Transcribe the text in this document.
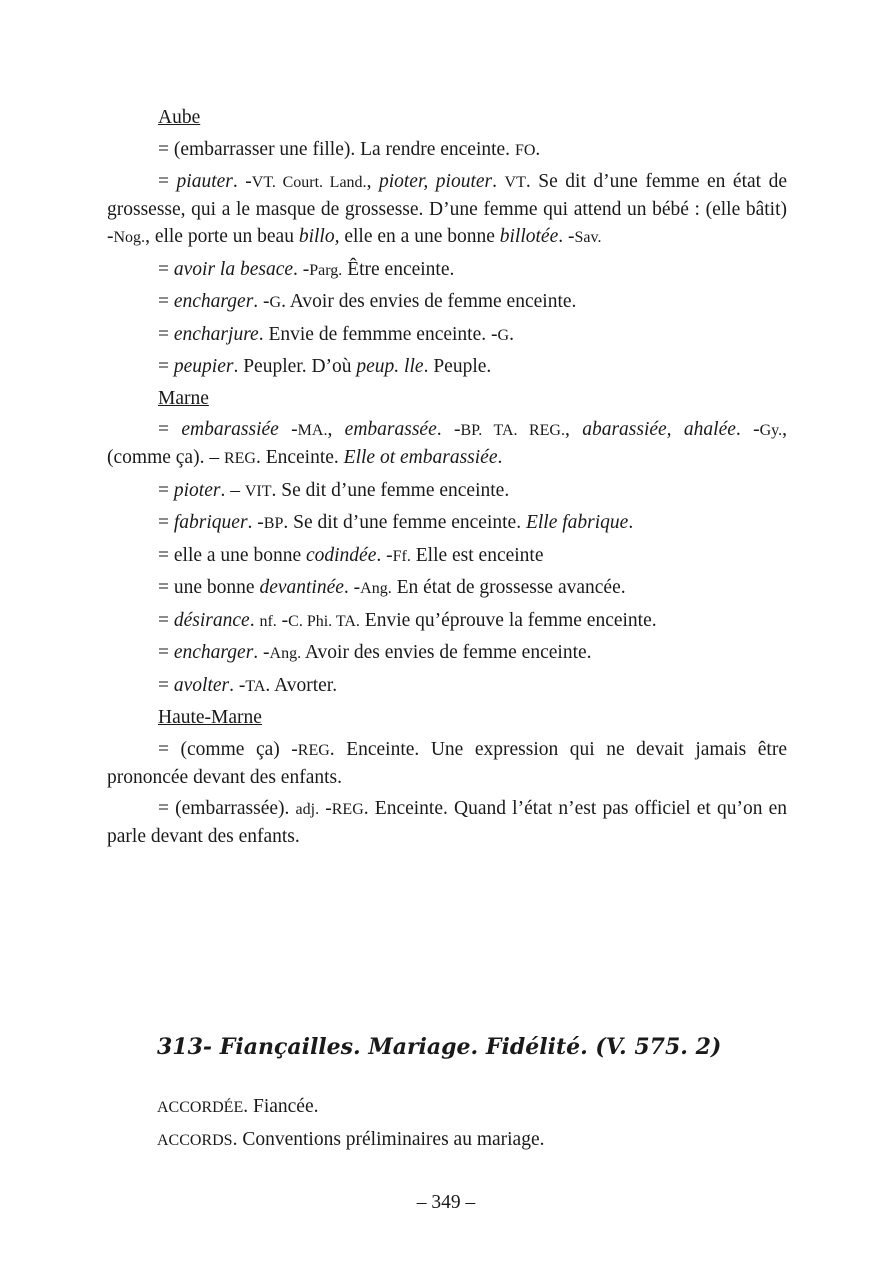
Aube

= (embarrasser une fille). La rendre enceinte. FO.

= piauter. -VT. Court. Land., pioter, piouter. VT. Se dit d’une femme en état de grossesse, qui a le masque de grossesse. D’une femme qui attend un bébé : (elle bâtit) -Nog., elle porte un beau billo, elle en a une bonne billotée. -Sav.

= avoir la besace. -Parg. Être enceinte.

= encharger. -G. Avoir des envies de femme enceinte.

= encharjure. Envie de femmme enceinte. -G.

= peupier. Peupler. D’où peup. lle. Peuple.

Marne

= embarassiée -MA., embarassée. -BP. TA. REG., abarassiée, ahalée. -Gy., (comme ça). – REG. Enceinte. Elle ot embarassiée.

= pioter. – VIT. Se dit d’une femme enceinte.

= fabriquer. -BP. Se dit d’une femme enceinte. Elle fabrique.

= elle a une bonne codindée. -Ff. Elle est enceinte

= une bonne devantinée. -Ang. En état de grossesse avancée.

= désirance. nf. -C. Phi. TA. Envie qu’éprouve la femme enceinte.

= encharger. -Ang. Avoir des envies de femme enceinte.

= avolter. -TA. Avorter.

Haute-Marne

= (comme ça) -REG. Enceinte. Une expression qui ne devait jamais être prononcée devant des enfants.

= (embarrassée). adj. -REG. Enceinte. Quand l’état n’est pas officiel et qu’on en parle devant des enfants.

313- Fiançailles. Mariage. Fidélité. (V. 575. 2)
ACCORDÉE. Fiancée.
ACCORDS. Conventions préliminaires au mariage.
– 349 –
